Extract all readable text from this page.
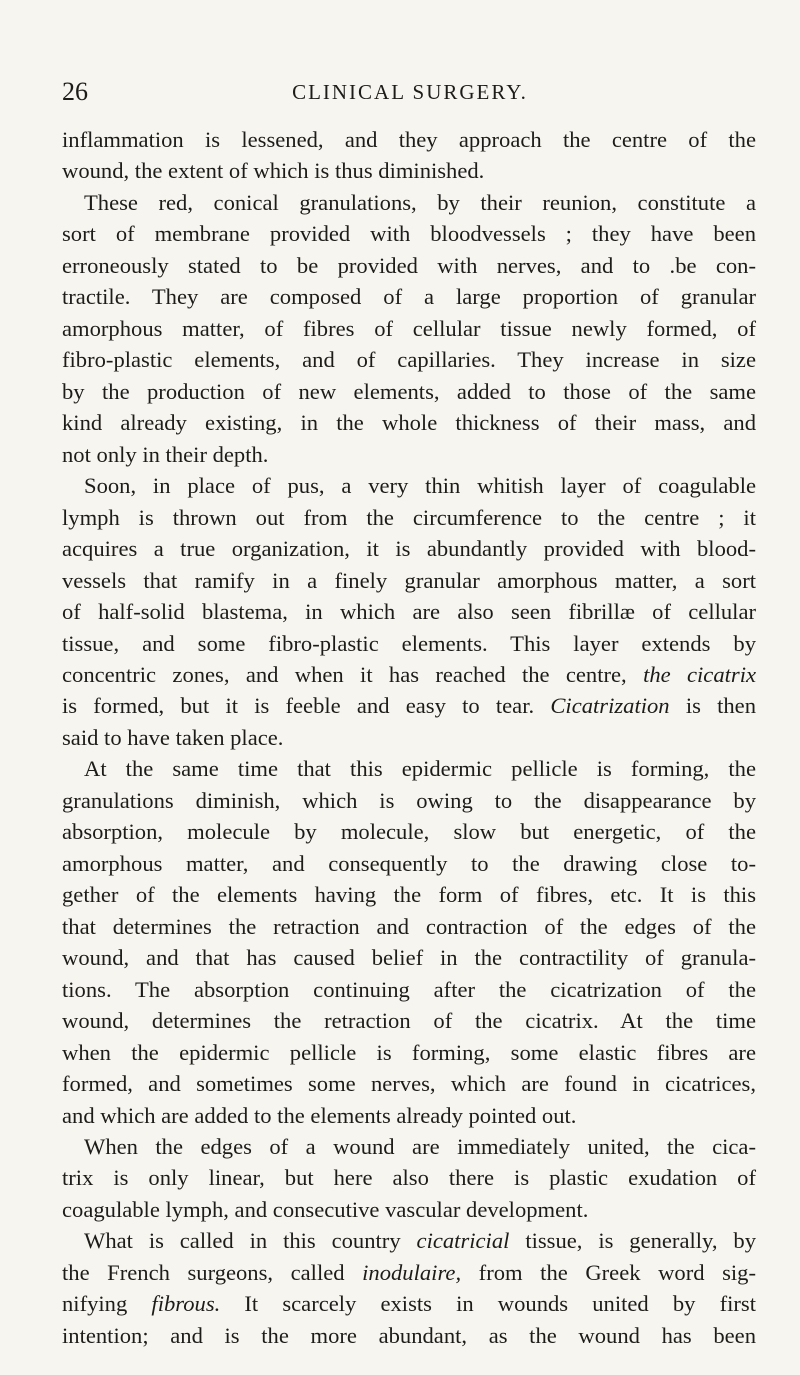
26	CLINICAL SURGERY.
inflammation is lessened, and they approach the centre of the
wound, the extent of which is thus diminished.
These red, conical granulations, by their reunion, constitute a
sort of membrane provided with bloodvessels ; they have been
erroneously stated to be provided with nerves, and to .be con-
tractile. They are composed of a large proportion of granular
amorphous matter, of fibres of cellular tissue newly formed, of
fibro-plastic elements, and of capillaries. They increase in size
by the production of new elements, added to those of the same
kind already existing, in the whole thickness of their mass, and
not only in their depth.
Soon, in place of pus, a very thin whitish layer of coagulable
lymph is thrown out from the circumference to the centre ; it
acquires a true organization, it is abundantly provided with blood-
vessels that ramify in a finely granular amorphous matter, a sort
of half-solid blastema, in which are also seen fibrillæ of cellular
tissue, and some fibro-plastic elements. This layer extends by
concentric zones, and when it has reached the centre, the cicatrix
is formed, but it is feeble and easy to tear. Cicatrization is then
said to have taken place.
At the same time that this epidermic pellicle is forming, the
granulations diminish, which is owing to the disappearance by
absorption, molecule by molecule, slow but energetic, of the
amorphous matter, and consequently to the drawing close to-
gether of the elements having the form of fibres, etc. It is this
that determines the retraction and contraction of the edges of the
wound, and that has caused belief in the contractility of granula-
tions. The absorption continuing after the cicatrization of the
wound, determines the retraction of the cicatrix. At the time
when the epidermic pellicle is forming, some elastic fibres are
formed, and sometimes some nerves, which are found in cicatrices,
and which are added to the elements already pointed out.
When the edges of a wound are immediately united, the cica-
trix is only linear, but here also there is plastic exudation of
coagulable lymph, and consecutive vascular development.
What is called in this country cicatricial tissue, is generally, by
the French surgeons, called inodulaire, from the Greek word sig-
nifying fibrous. It scarcely exists in wounds united by first
intention; and is the more abundant, as the wound has been
